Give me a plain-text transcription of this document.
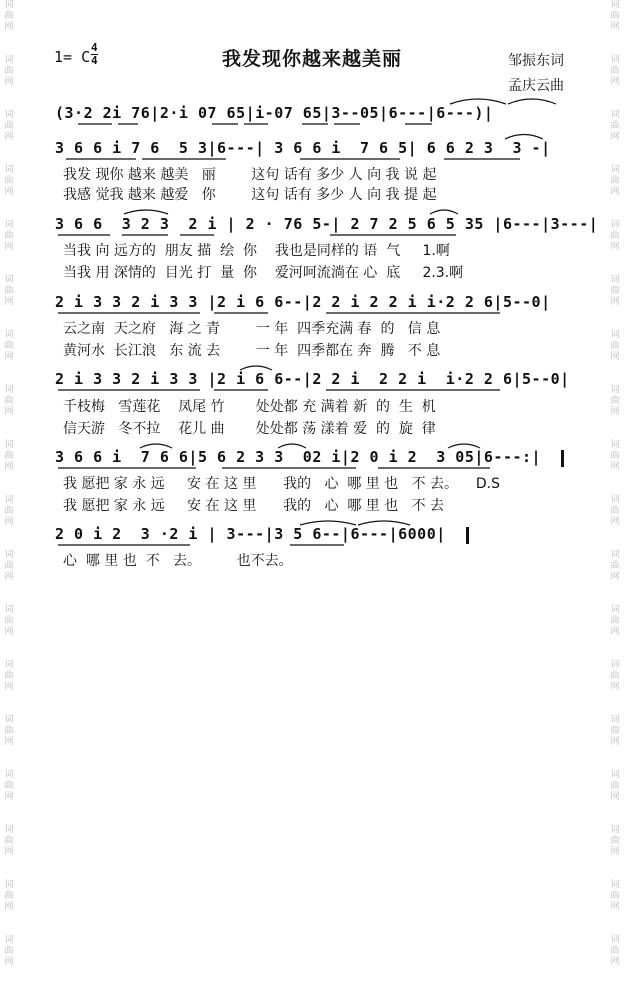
词
曲
网

词
曲
网

词
曲
网

词
曲
网

词
曲
网

词
曲
网

词
曲
网

词
曲
网

词
曲
网

词
曲
网

词
曲
网

词
曲
网

词
曲
网

词
曲
网

词
曲
网

词
曲
网

词
曲
网

词
曲
网

词
曲
网

词
曲
网

词
曲
网

词
曲
网

词
曲
网

词
曲
网

词
曲
网

词
曲
网

词
曲
网

词
曲
网

词
曲
网

词
曲
网

词
曲
网

词
曲
网

词
曲
网

词
曲
网

词
曲
网

词
曲
网

1= C $\frac{4}{4}$	我发现你越来越美丽	邹振东词
孟庆云曲
(3·2 2i 76|2·i 07 65|i-07 65|3--05|6---|6---)|
3 6 6 i 7 6  5 3|6---| 3 6 6 i  7 6 5| 6 6 2 3  3 -|
我发 现你 越来 越美   丽        这句 话有 多少 人 向 我 说 起
我感 觉我 越来 越爱   你        这句 话有 多少 人 向 我 提 起
3 6 6  3 2 3  2 i | 2 · 76 5-| 2 7 2 5 6 5 35 |6---|3---|
当我 向 远方的  朋友 描  绘  你    我也是同样的 语  气     1.啊
当我 用 深情的  目光 打  量  你    爱河呵流淌在 心  底     2.3.啊
2 i 3 3 2 i 3 3 |2 i 6 6--|2 2 i 2 2 i i·2 2 6|5--0|
云之南  天之府   海 之 青        一 年  四季充满 春  的   信 息
黄河水  长江浪   东 流 去        一 年  四季都在 奔  腾   不 息
2 i 3 3 2 i 3 3 |2 i 6 6--|2 2 i  2 2 i  i·2 2 6|5--0|
千枝梅   雪莲花    凤尾 竹       处处都 充 满着 新  的  生  机
信天游   冬不拉    花儿 曲       处处都 荡 漾着 爱  的  旋  律
3 6 6 i  7 6 6|5 6 2 3 3  02 i|2 0 i 2  3 05|6---:|
我 愿把 家 永 远     安 在 这 里      我的   心  哪 里 也   不 去。    D.S
我 愿把 家 永 远     安 在 这 里      我的   心  哪 里 也   不 去
2 0 i 2  3 ·2 i | 3---|3 5 6--|6---|6000|
心  哪 里 也  不   去。        也不去。
